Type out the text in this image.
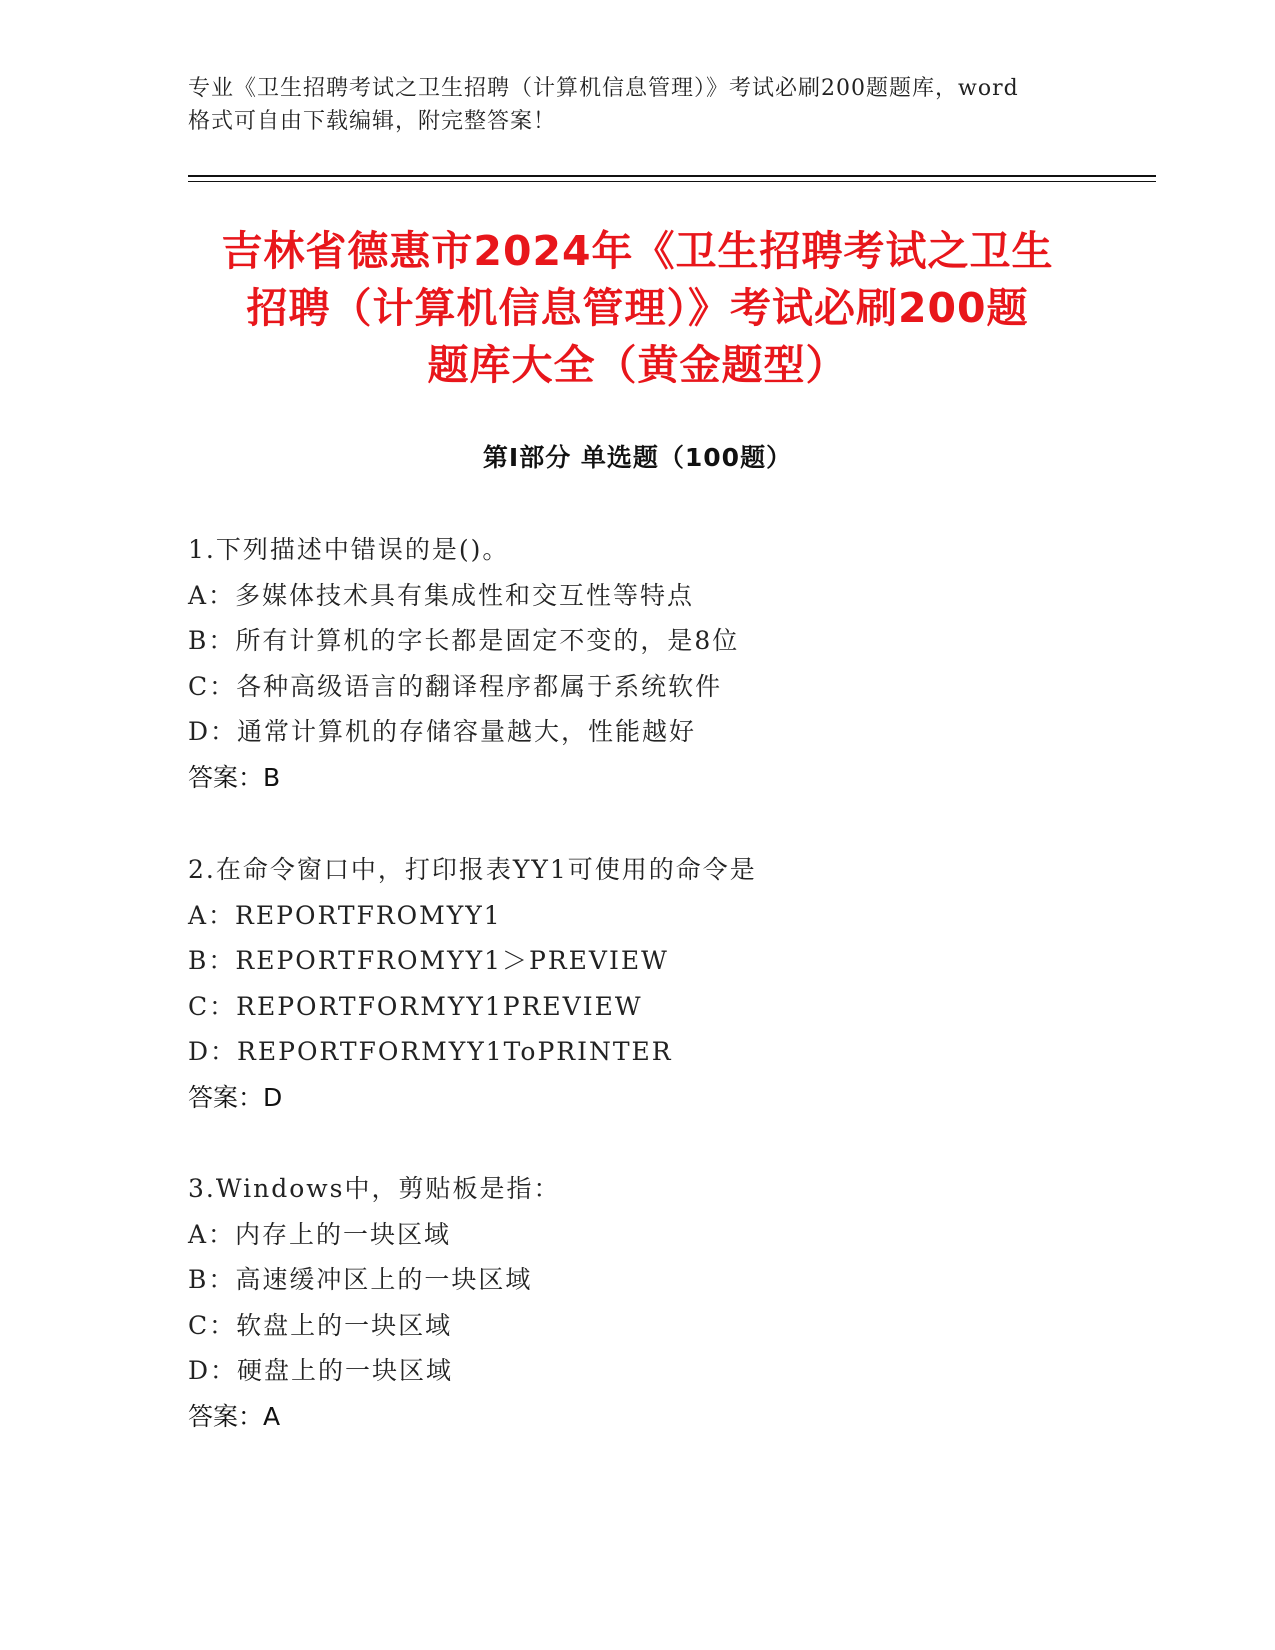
专业《卫生招聘考试之卫生招聘（计算机信息管理）》考试必刷200题题库，word
格式可自由下载编辑，附完整答案！
吉林省德惠市2024年《卫生招聘考试之卫生
招聘（计算机信息管理）》考试必刷200题
题库大全（黄金题型）
第Ⅰ部分 单选题（100题）
1.下列描述中错误的是()。
A：多媒体技术具有集成性和交互性等特点
B：所有计算机的字长都是固定不变的，是8位
C：各种高级语言的翻译程序都属于系统软件
D：通常计算机的存储容量越大，性能越好
答案：B
2.在命令窗口中，打印报表YY1可使用的命令是
A：REPORTFROMYY1
B：REPORTFROMYY1＞PREVIEW
C：REPORTFORMYY1PREVIEW
D：REPORTFORMYY1ToPRINTER
答案：D
3.Windows中，剪贴板是指：
A：内存上的一块区域
B：高速缓冲区上的一块区域
C：软盘上的一块区域
D：硬盘上的一块区域
答案：A
